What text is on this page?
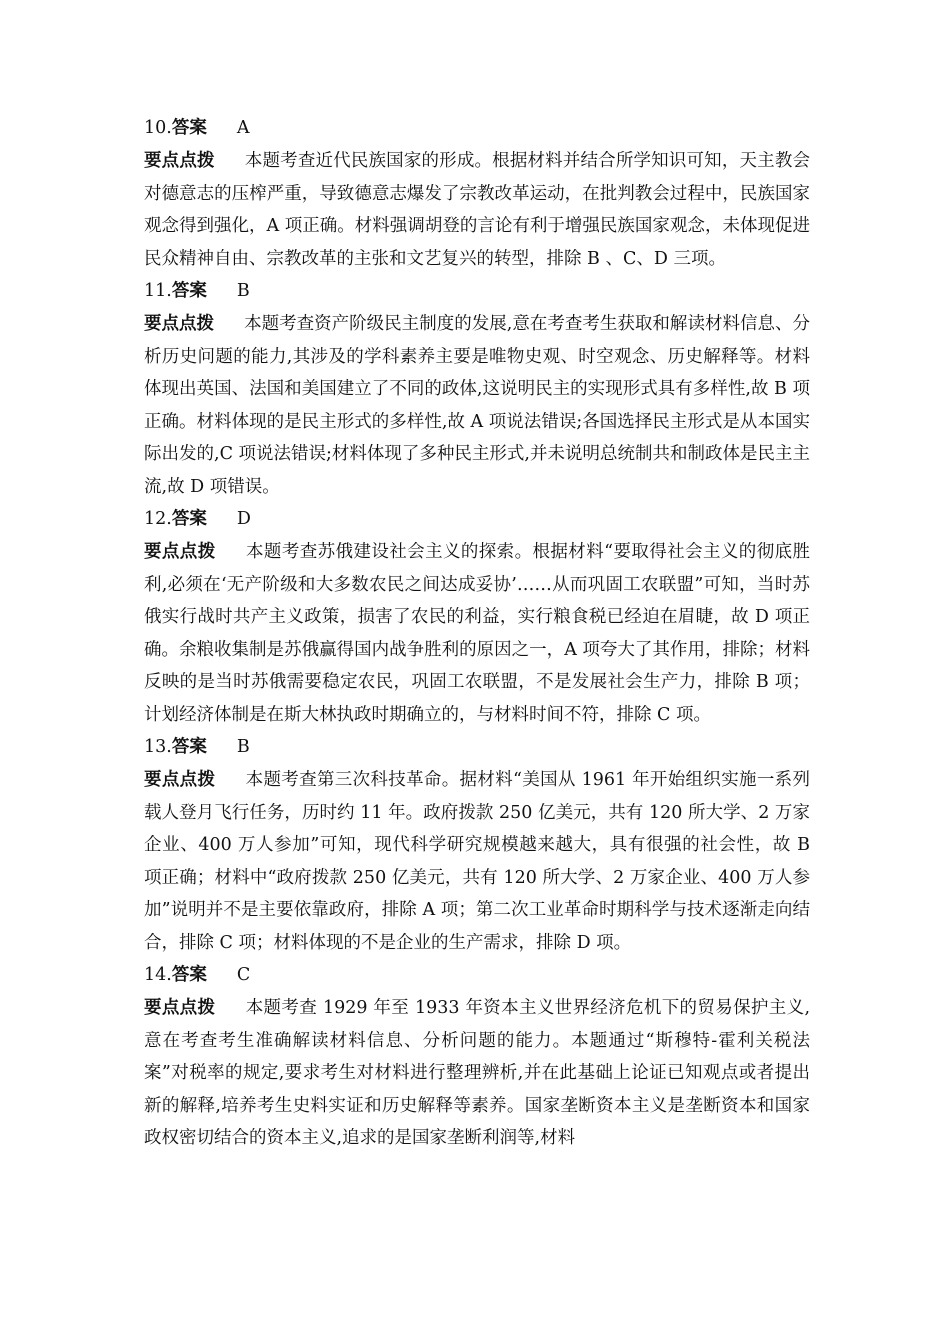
10.答案 A

要点点拨 本题考查近代民族国家的形成。根据材料并结合所学知识可知，天主教会对德意志的压榨严重，导致德意志爆发了宗教改革运动，在批判教会过程中，民族国家观念得到强化，A 项正确。材料强调胡登的言论有利于增强民族国家观念，未体现促进民众精神自由、宗教改革的主张和文艺复兴的转型，排除 B 、C、D 三项。

11.答案 B

要点点拨 本题考查资产阶级民主制度的发展,意在考查考生获取和解读材料信息、分析历史问题的能力,其涉及的学科素养主要是唯物史观、时空观念、历史解释等。材料体现出英国、法国和美国建立了不同的政体,这说明民主的实现形式具有多样性,故 B 项正确。材料体现的是民主形式的多样性,故 A 项说法错误;各国选择民主形式是从本国实际出发的,C 项说法错误;材料体现了多种民主形式,并未说明总统制共和制政体是民主主流,故 D 项错误。

12.答案 D

要点点拨 本题考查苏俄建设社会主义的探索。根据材料“要取得社会主义的彻底胜利,必须在‘无产阶级和大多数农民之间达成妥协’……从而巩固工农联盟”可知，当时苏俄实行战时共产主义政策，损害了农民的利益，实行粮食税已经迫在眉睫，故 D 项正确。余粮收集制是苏俄赢得国内战争胜利的原因之一，A 项夸大了其作用，排除；材料反映的是当时苏俄需要稳定农民，巩固工农联盟，不是发展社会生产力，排除 B 项；计划经济体制是在斯大林执政时期确立的，与材料时间不符，排除 C 项。

13.答案 B

要点点拨 本题考查第三次科技革命。据材料“美国从 1961 年开始组织实施一系列载人登月飞行任务，历时约 11 年。政府拨款 250 亿美元，共有 120 所大学、2 万家企业、400 万人参加”可知，现代科学研究规模越来越大，具有很强的社会性，故 B 项正确；材料中“政府拨款 250 亿美元，共有 120 所大学、2 万家企业、400 万人参加”说明并不是主要依靠政府，排除 A 项；第二次工业革命时期科学与技术逐渐走向结合，排除 C 项；材料体现的不是企业的生产需求，排除 D 项。

14.答案 C

要点点拨 本题考查 1929 年至 1933 年资本主义世界经济危机下的贸易保护主义,意在考查考生准确解读材料信息、分析问题的能力。本题通过“斯穆特-霍利关税法案”对税率的规定,要求考生对材料进行整理辨析,并在此基础上论证已知观点或者提出新的解释,培养考生史料实证和历史解释等素养。国家垄断资本主义是垄断资本和国家政权密切结合的资本主义,追求的是国家垄断利润等,材料
